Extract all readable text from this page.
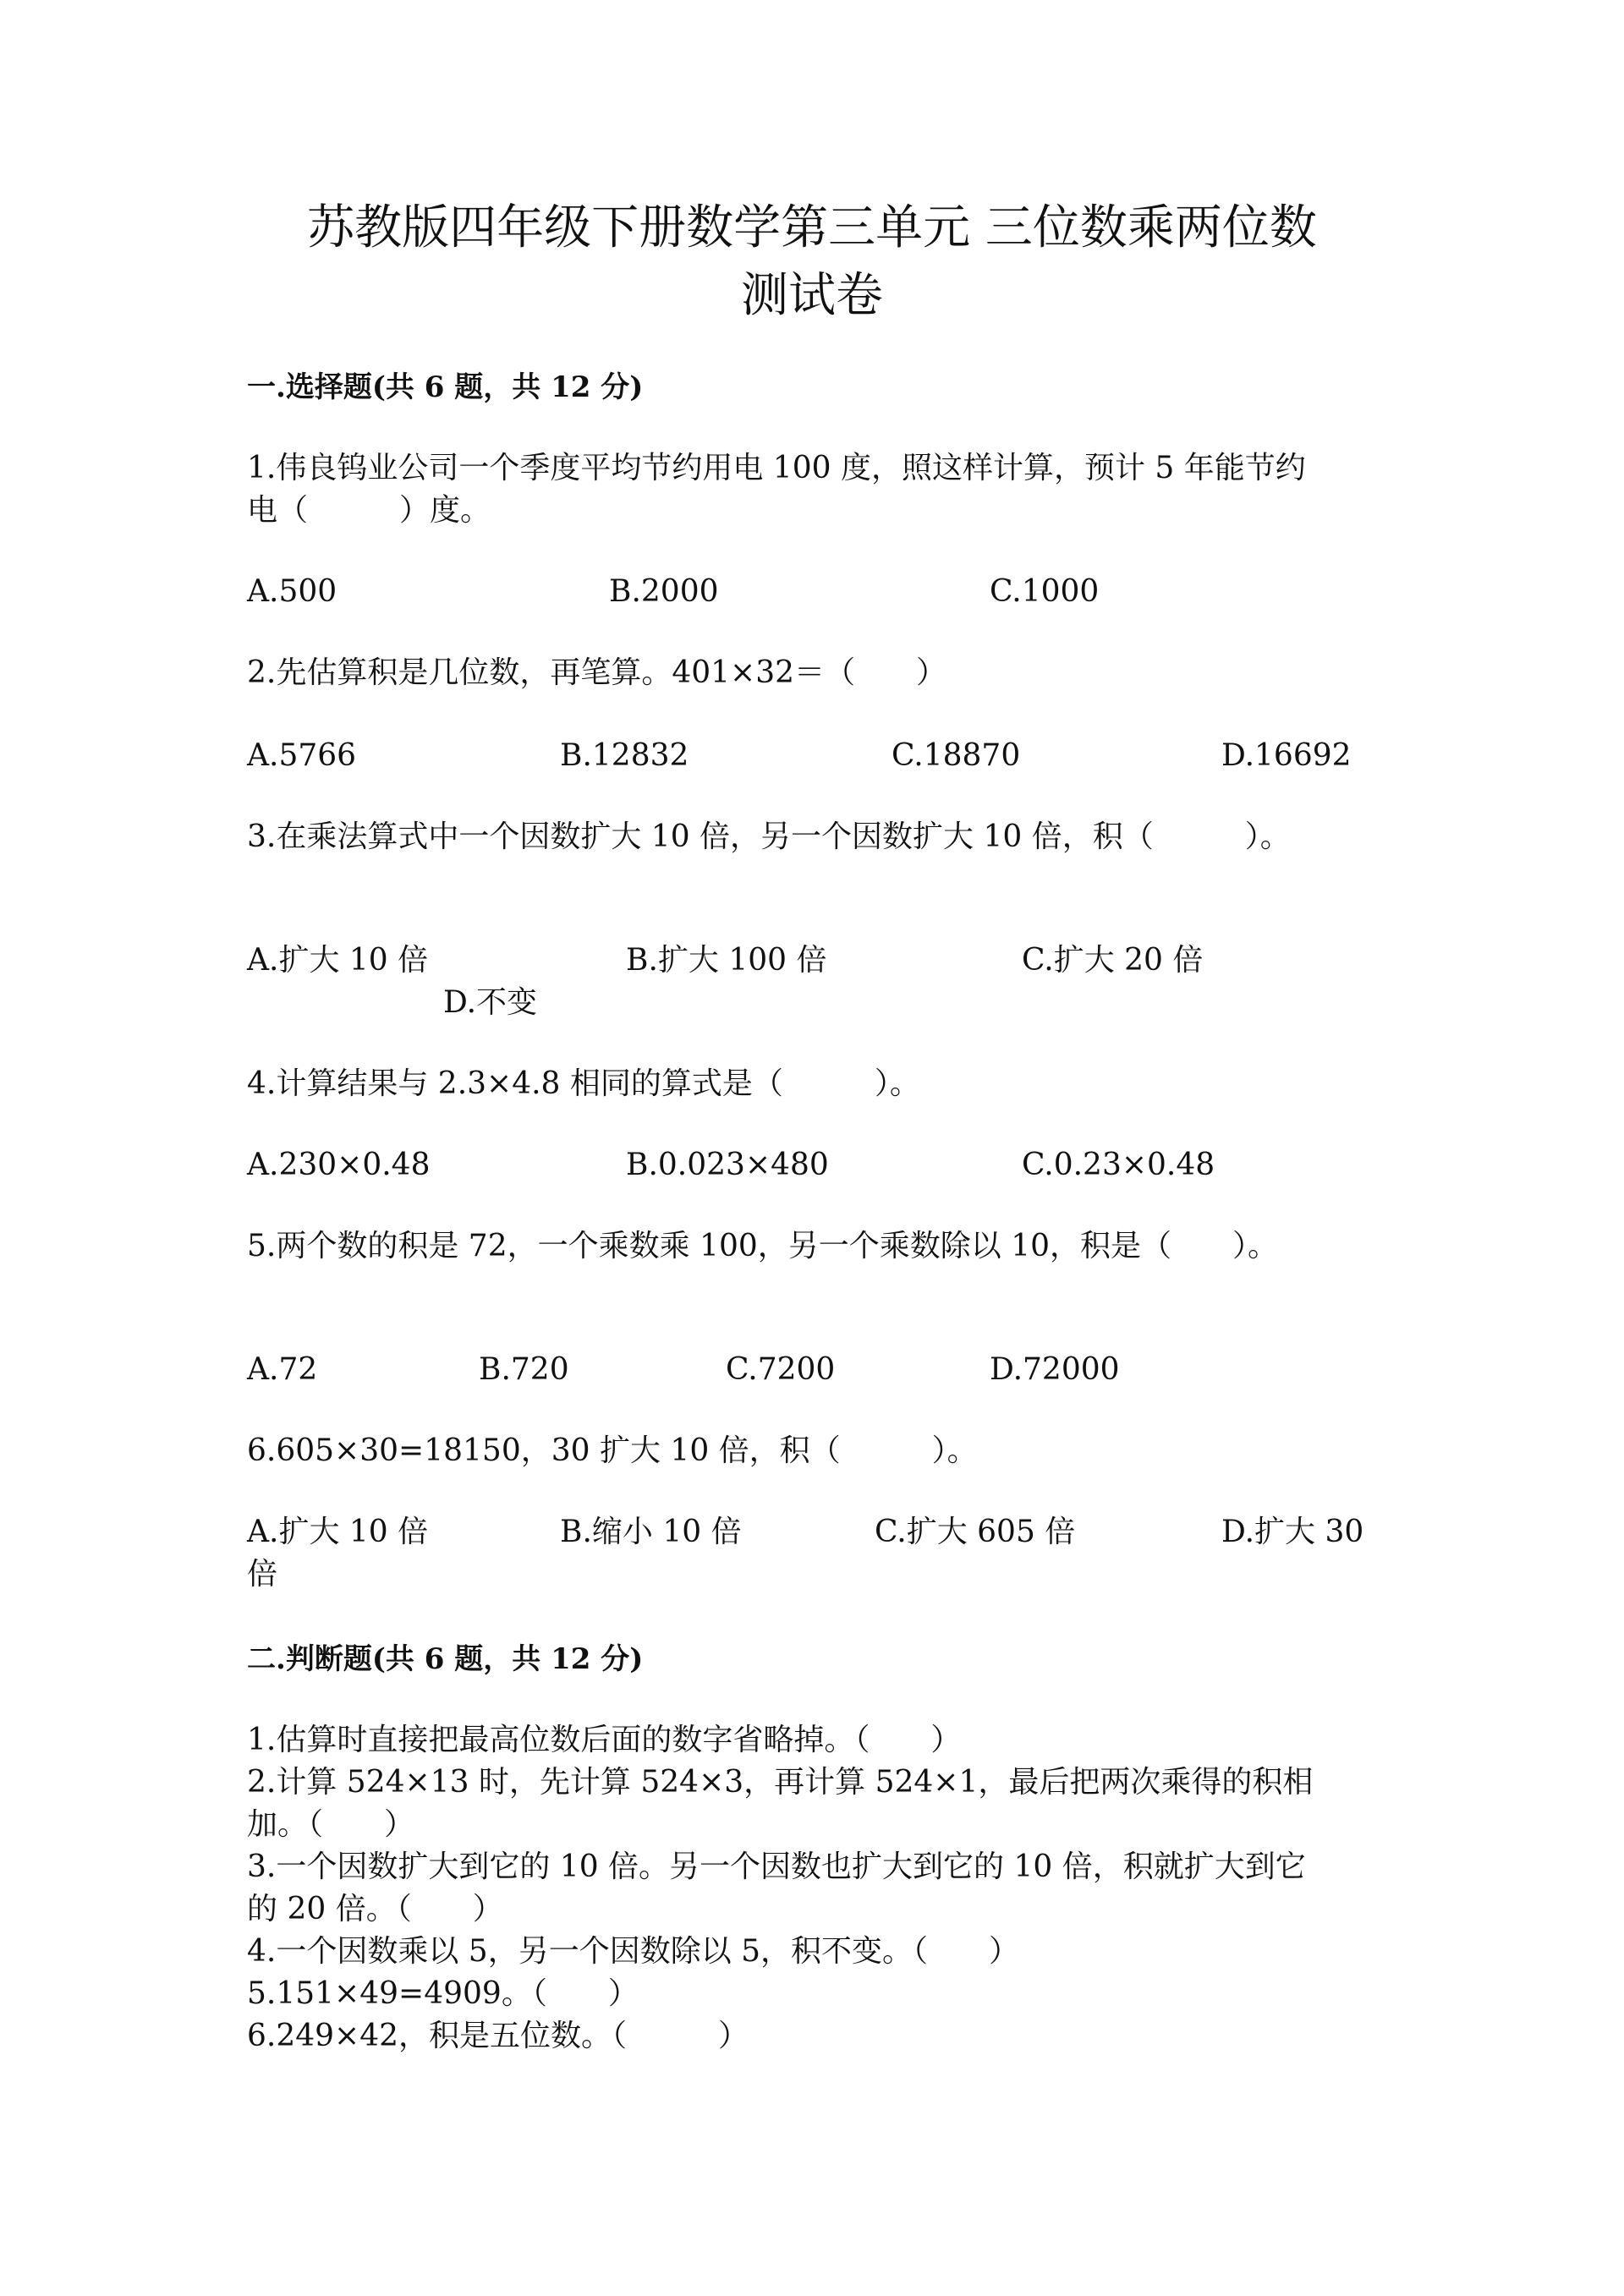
苏教版四年级下册数学第三单元 三位数乘两位数
测试卷
一.选择题(共 6 题，共 12 分)
1.伟良钨业公司一个季度平均节约用电 100 度，照这样计算，预计 5 年能节约
电（　　　）度。
A.500	B.2000	C.1000
2.先估算积是几位数，再笔算。401×32＝（　　）
A.5766	B.12832	C.18870	D.16692
3.在乘法算式中一个因数扩大 10 倍，另一个因数扩大 10 倍，积（　　　）。
A.扩大 10 倍	B.扩大 100 倍	C.扩大 20 倍
D.不变
4.计算结果与 2.3×4.8 相同的算式是（　　　）。
A.230×0.48	B.0.023×480	C.0.23×0.48
5.两个数的积是 72，一个乘数乘 100，另一个乘数除以 10，积是（　　）。
A.72	B.720	C.7200	D.72000
6.605×30=18150，30 扩大 10 倍，积（　　　）。
A.扩大 10 倍	B.缩小 10 倍	C.扩大 605 倍	D.扩大 30
倍
二.判断题(共 6 题，共 12 分)
1.估算时直接把最高位数后面的数字省略掉。（　　）
2.计算 524×13 时，先计算 524×3，再计算 524×1，最后把两次乘得的积相
加。（　　）
3.一个因数扩大到它的 10 倍。另一个因数也扩大到它的 10 倍，积就扩大到它
的 20 倍。（　　）
4.一个因数乘以 5，另一个因数除以 5，积不变。（　　）
5.151×49=4909。（　　）
6.249×42，积是五位数。（　　　）
